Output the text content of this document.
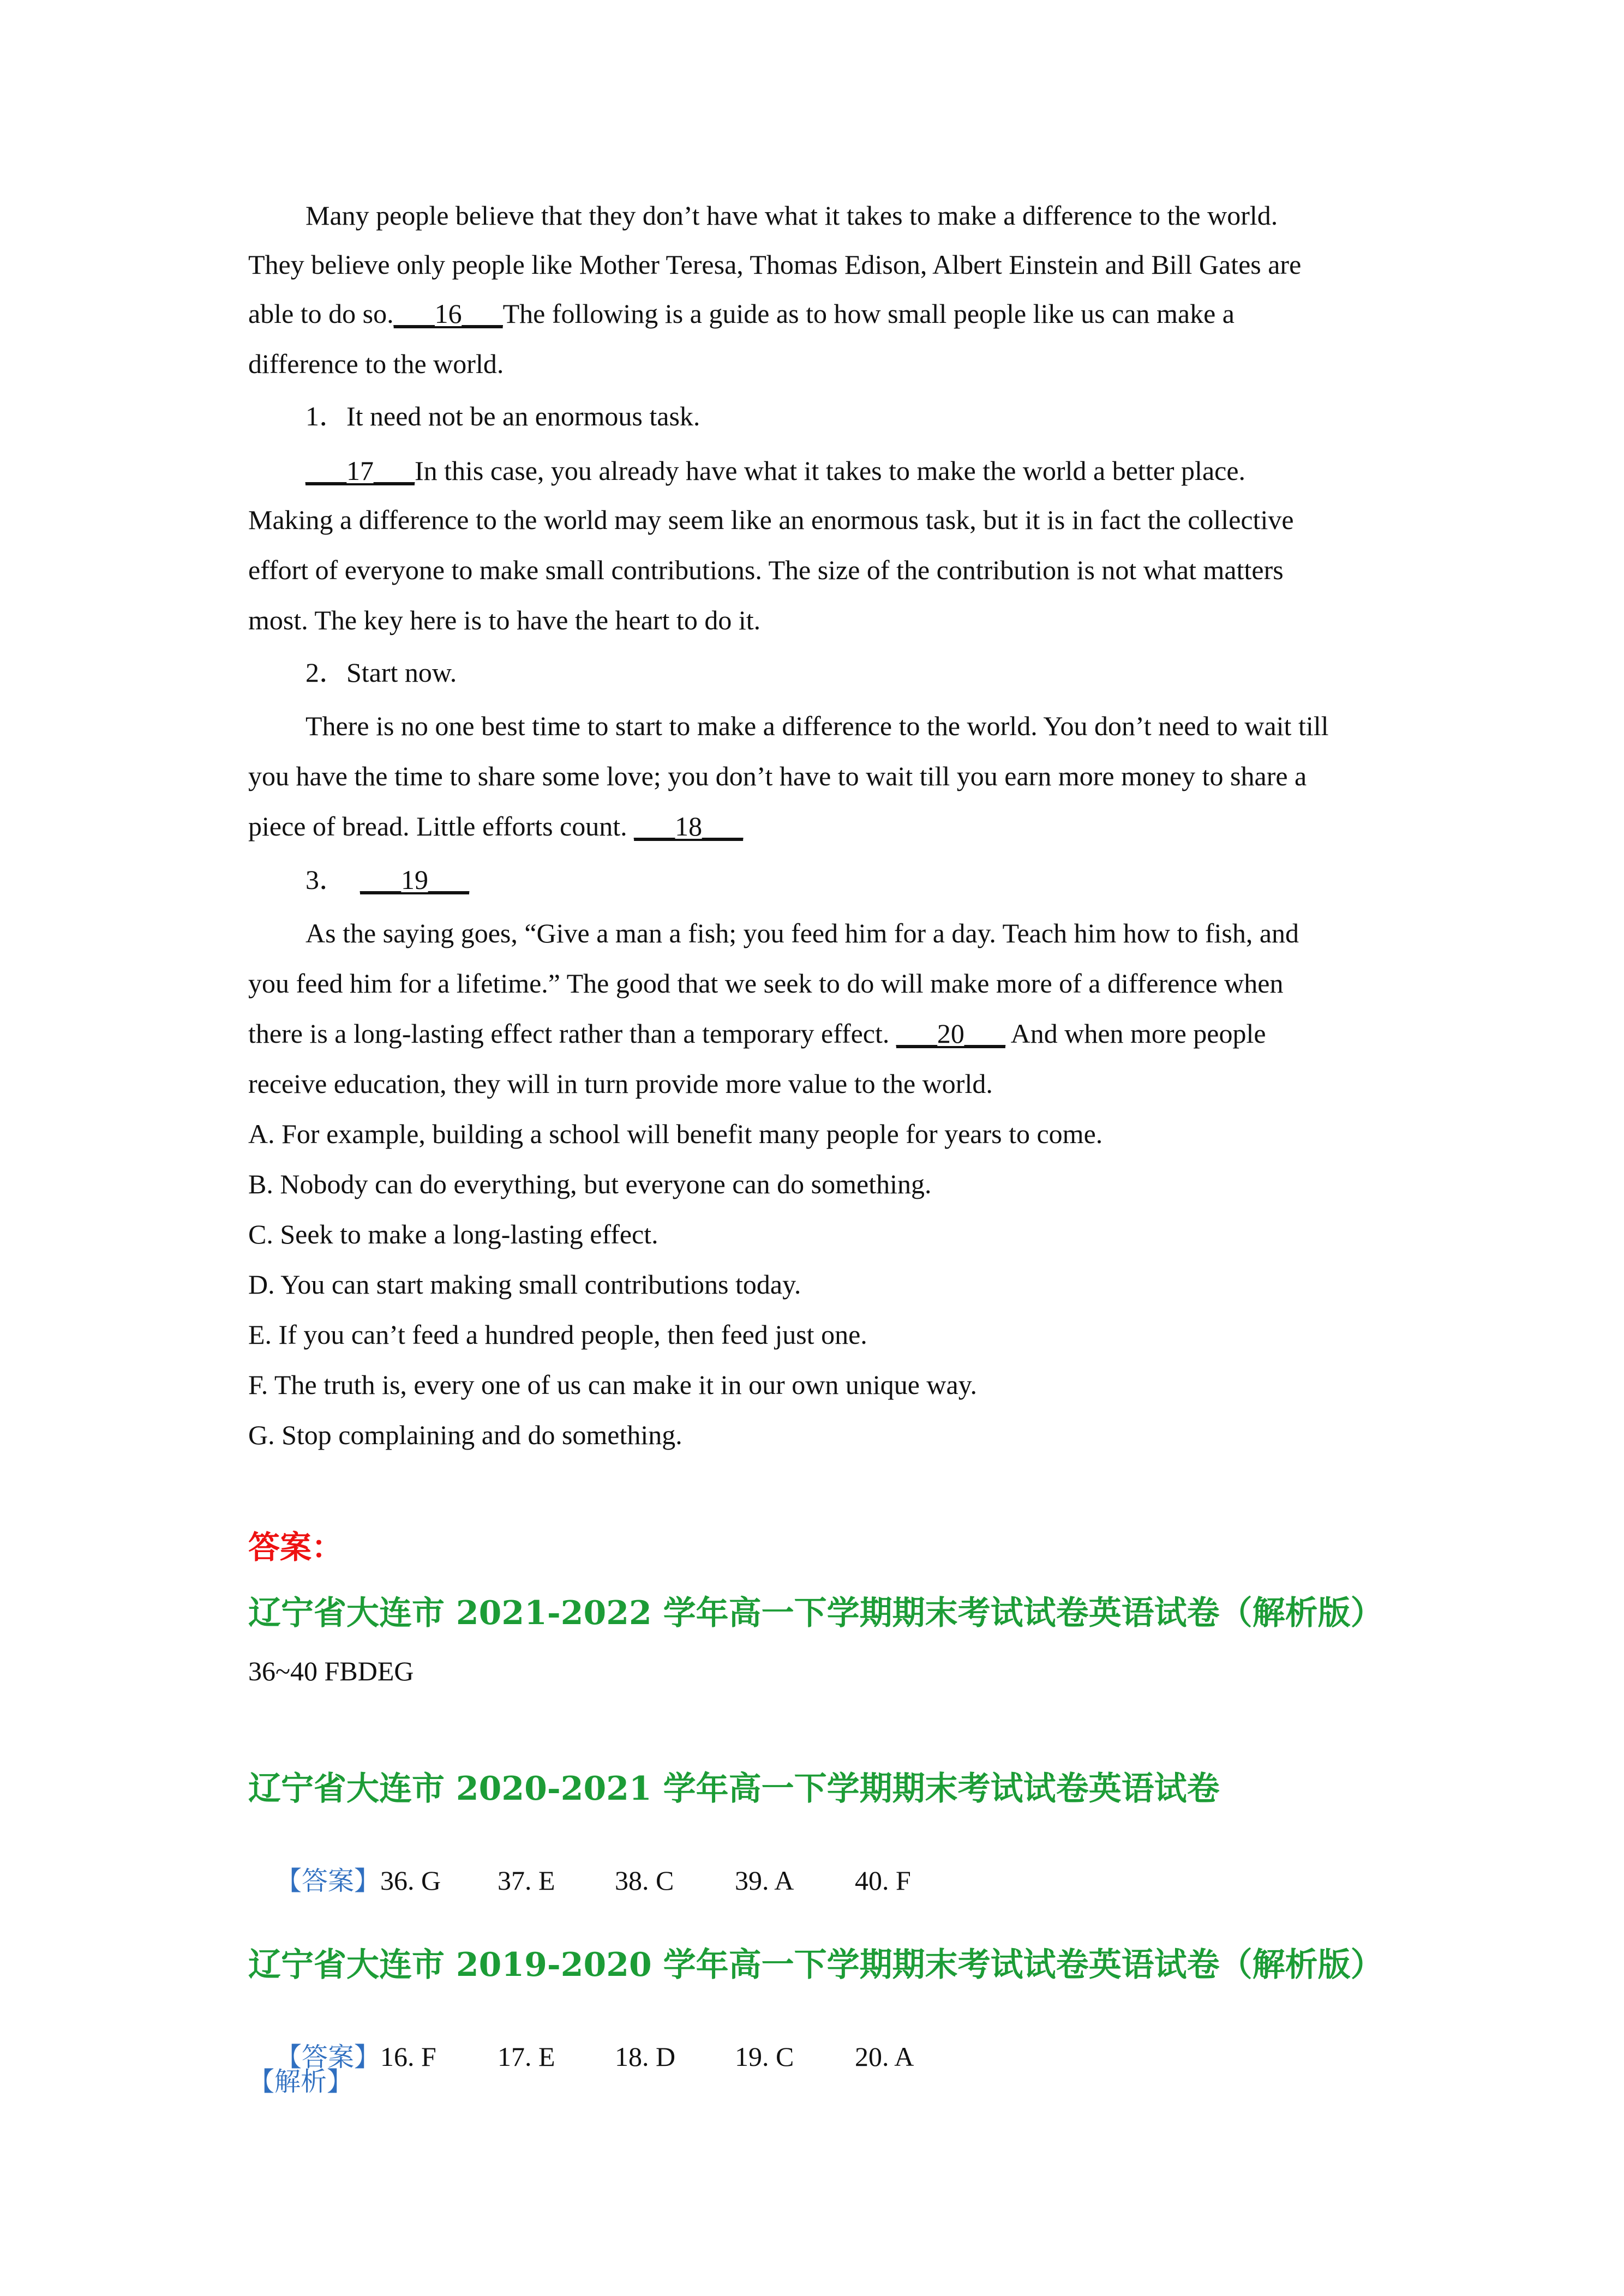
Many people believe that they don’t have what it takes to make a difference to the world.
They believe only people like Mother Teresa, Thomas Edison, Albert Einstein and Bill Gates are
able to do so.___16___The following is a guide as to how small people like us can make a
difference to the world.
1．It need not be an enormous task.
___17___In this case, you already have what it takes to make the world a better place.
Making a difference to the world may seem like an enormous task, but it is in fact the collective
effort of everyone to make small contributions. The size of the contribution is not what matters
most. The key here is to have the heart to do it.
2．Start now.
There is no one best time to start to make a difference to the world. You don’t need to wait till
you have the time to share some love; you don’t have to wait till you earn more money to share a
piece of bread. Little efforts count. ___18___
3．  ___19___
As the saying goes, “Give a man a fish; you feed him for a day. Teach him how to fish, and
you feed him for a lifetime.” The good that we seek to do will make more of a difference when
there is a long-lasting effect rather than a temporary effect. ___20___ And when more people
receive education, they will in turn provide more value to the world.
A. For example, building a school will benefit many people for years to come.
B. Nobody can do everything, but everyone can do something.
C. Seek to make a long-lasting effect.
D. You can start making small contributions today.
E. If you can’t feed a hundred people, then feed just one.
F. The truth is, every one of us can make it in our own unique way.
G. Stop complaining and do something.
答案：
辽宁省大连市 2021-2022 学年高一下学期期末考试试卷英语试卷（解析版）
36~40 FBDEG
辽宁省大连市 2020-2021 学年高一下学期期末考试试卷英语试卷

【答案】36. G 37. E 38. C 39. A 40. F

辽宁省大连市 2019-2020 学年高一下学期期末考试试卷英语试卷（解析版）

【答案】16. F 17. E 18. D 19. C 20. A

【解析】
